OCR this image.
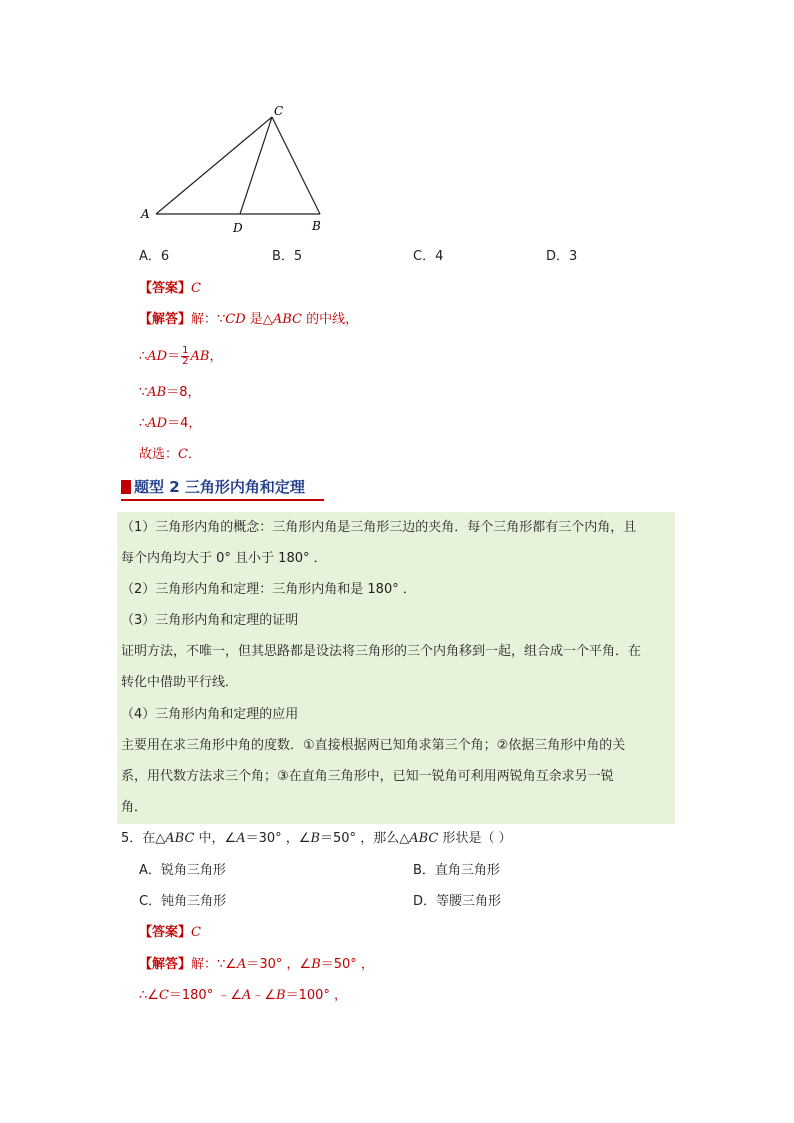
A
C
D	B
A．6	B．5	C．4	D．3
【答案】C
【解答】解：∵CD 是△ABC 的中线，
∴AD＝ $\frac{1}{2}$ AB，
∵AB＝8，
∴AD＝4，
故选：C．
题型 2 三角形内角和定理
（1）三角形内角的概念：三角形内角是三角形三边的夹角．每个三角形都有三个内角，且
每个内角均大于 0° 且小于 180° ．
（2）三角形内角和定理：三角形内角和是 180° ．
（3）三角形内角和定理的证明
证明方法，不唯一，但其思路都是设法将三角形的三个内角移到一起，组合成一个平角．在
转化中借助平行线．
（4）三角形内角和定理的应用
主要用在求三角形中角的度数．①直接根据两已知角求第三个角；②依据三角形中角的关
系，用代数方法求三个角；③在直角三角形中，已知一锐角可利用两锐角互余求另一锐
角．
5．在△ABC 中，∠A＝30° ，∠B＝50° ，那么△ABC 形状是（ ）
A．锐角三角形	B．直角三角形
C．钝角三角形	D．等腰三角形
【答案】C
【解答】解：∵∠A＝30° ，∠B＝50° ，
∴∠C＝180° ﹣∠A﹣∠B＝100° ，
